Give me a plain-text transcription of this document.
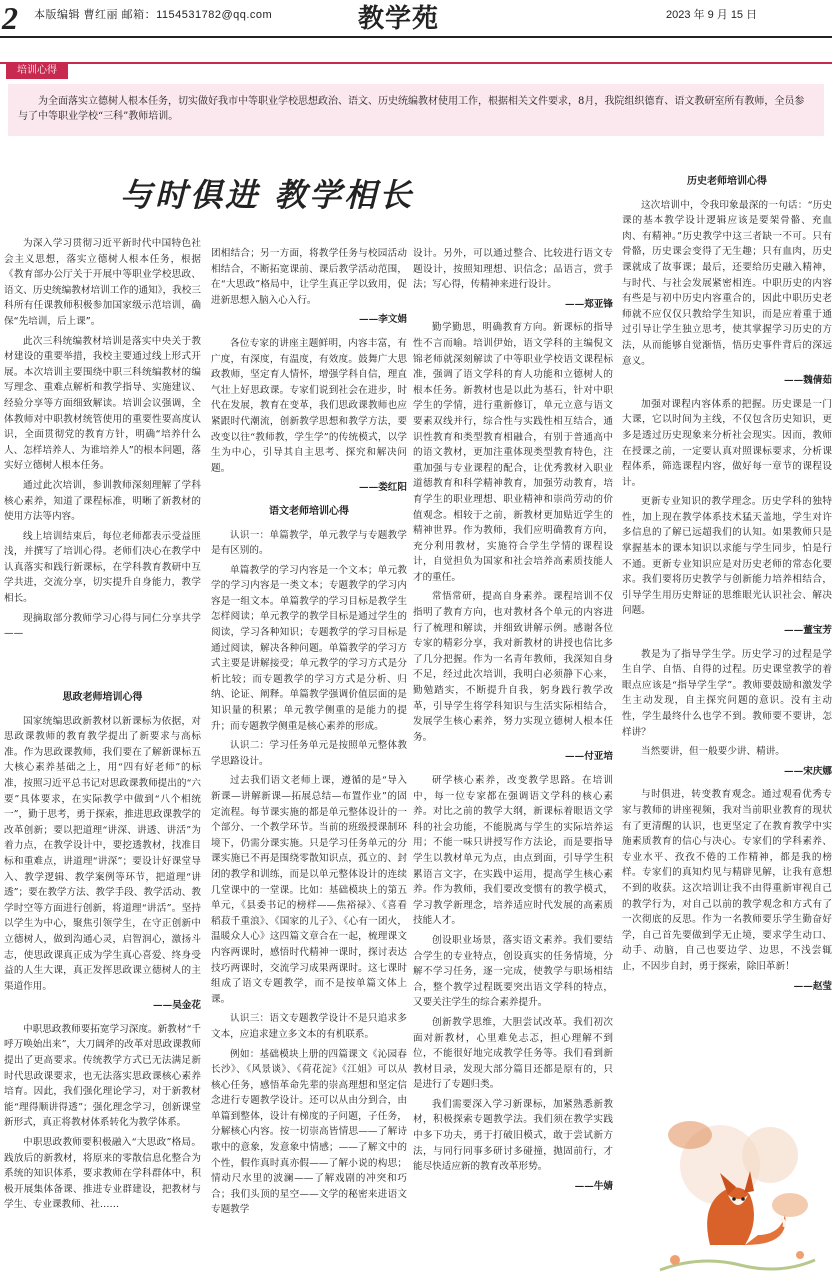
2 本版编辑 曹红丽 邮箱：1154531782@qq.com	教学苑	2023 年 9 月 15 日
培训心得

为全面落实立德树人根本任务，切实做好我市中等职业学校思想政治、语文、历史统编教材使用工作，根据相关文件要求，8月，我院组织德育、语文教研室所有教师，全员参与了中等职业学校“三科”教师培训。

与时俱进 教学相长

为深入学习贯彻习近平新时代中国特色社会主义思想，落实立德树人根本任务，根据《教育部办公厅关于开展中等职业学校思政、语文、历史统编教材培训工作的通知》，我校三科所有任课教师积极参加国家级示范培训，确保“先培训，后上课”。

此次三科统编教材培训是落实中央关于教材建设的重要举措，我校主要通过线上形式开展。本次培训主要围绕中职三科统编教材的编写理念、重难点解析和教学指导、实施建议、经验分享等方面细致解读。培训会议强调，全体教师对中职教材统管使用的重要性要高度认识，全面贯彻党的教育方针，明确“培养什么人、怎样培养人、为谁培养人”的根本问题，落实好立德树人根本任务。

通过此次培训，参训教师深刻理解了学科核心素养，知道了课程标准，明晰了新教材的使用方法等内容。

线上培训结束后，每位老师都表示受益匪浅，并撰写了培训心得。老师们决心在教学中认真落实和践行新课标，在学科教育教研中互学共进，交流分享，切实提升自身能力，教学相长。

现摘取部分教师学习心得与同仁分享共学——

思政老师培训心得

国家统编思政新教材以新课标为依据，对思政课教师的教育教学提出了新要求与高标准。作为思政课教师，我们要在了解新课标五大核心素养基础之上，用“四有好老师”的标准，按照习近平总书记对思政课教师提出的“六要”具体要求，在实际教学中做到“八个相统一”，勤于思考，勇于探索，推进思政课教学的改革创新；要以把道理“讲深、讲透、讲活”为着力点，在教学设计中，要挖透教材，找准目标和重难点，讲道理“讲深”；要设计好课堂导入、教学逻辑、教学案例等环节，把道理“讲透”；要在教学方法、教学手段、教学活动、教学时空等方面进行创新，将道理“讲活”。坚持以学生为中心，聚焦引领学生，在守正创新中立德树人，做到沟通心灵，启智润心，激扬斗志，使思政课真正成为学生真心喜爱、终身受益的人生大课，真正发挥思政课立德树人的主渠道作用。

——吴金花

中职思政教师要拓宽学习深度。新教材“千呼万唤始出来”，大刀阔斧的改革对思政课教师提出了更高要求。传统教学方式已无法满足新时代思政课要求，也无法落实思政课核心素养培育。因此，我们强化理论学习，对于新教材能“理得顺讲得透”；强化理念学习，创新课堂新形式，真正将教材体系转化为教学体系。

中职思政教师要积极融入“大思政”格局。践放后的新教材，将原来的零散信息化整合为系统的知识体系，要求教师在学科群体中，积极开展集体备课、推进专业群建设，把教材与学生、专业课教师、社……

团相结合；另一方面，将教学任务与校园活动相结合，不断拓宽课前、课后教学活动范围，在“大思政”格局中，让学生真正学以致用，促进新思想入脑入心入行。

——李文娟

各位专家的讲座主题鲜明，内容丰富，有广度，有深度，有温度，有效度。鼓舞广大思政教师，坚定育人情怀，增强学科自信，理直气壮上好思政课。专家们说到社会在进步，时代在发展，教育在变革，我们思政课教师也应紧跟时代潮流，创新教学思想和教学方法，要改变以往“教师教，学生学”的传统模式，以学生为中心，引导其自主思考、探究和解决问题。

——娄红阳

语文老师培训心得

认识一：单篇教学，单元教学与专题教学是有区别的。

单篇教学的学习内容是一个文本；单元教学的学习内容是一类文本；专题教学的学习内容是一组文本。单篇教学的学习目标是教学生怎样阅读；单元教学的教学目标是通过学生的阅读，学习各种知识；专题教学的学习目标是通过阅读，解决各种问题。单篇教学的学习方式主要是讲解接受；单元教学的学习方式是分析比较；而专题教学的学习方式是分析、归纳、论证、阐释。单篇教学强调价值层面的是知识量的积累；单元教学侧重的是能力的提升；而专题教学侧重是核心素养的形成。

认识二：学习任务单元是按照单元整体教学思路设计。

过去我们语文老师上课，遵循的是“导入新课—讲解新课—拓展总结—布置作业”的固定流程。每节课实施的都是单元整体设计的一个部分、一个教学环节。当前的班级授课制环境下，仍需分课实施。只是学习任务单元的分课实施已不再是围绕零散知识点，孤立的、封闭的教学和训练，而是以单元整体设计的连续几堂课中的一堂课。比如：基础模块上的第五单元，《县委书记的榜样——焦裕禄》、《喜看稻菽千重浪》、《国家的儿子》、《心有一团火，温暖众人心》这四篇文章合在一起，梳理课文内容两课时，感悟时代精神一课时，探讨表达技巧两课时，交流学习成果两课时。这七课时组成了语文专题教学，而不是按单篇文体上课。

认识三：语文专题教学设计不是只追求多文本，应追求建立多文本的有机联系。

例如：基础模块上册的四篇课文《沁园春长沙》、《风景谈》、《荷花淀》《江姐》可以从核心任务，感悟革命先辈的崇高理想和坚定信念进行专题教学设计。还可以从由分到合，由单篇到整体，设计有梯度的子问题，子任务，分解核心内容。按一切崇高皆情思——了解诗歌中的意象，发意象中情感；——了解文中的个性，假作真时真亦假——了解小说的构思；情动尺水里的波澜——了解戏剧的冲突和巧合；我们头顶的星空——文学的秘密来进语文专题教学

设计。另外，可以通过整合、比较进行语文专题设计，按照知理想、识信念；品语言，赏手法；写心得，传精神来进行设计。

——郑亚锋

勤学勤思，明确教育方向。新课标的指导性不言而喻。培训伊始，语文学科的主编倪文锦老师就深刻解读了中等职业学校语文课程标准，强调了语文学科的育人功能和立德树人的根本任务。新教材也是以此为基石，针对中职学生的学情，进行重新修订，单元立意与语文要素双线并行，综合性与实践性相互结合，通识性教育和类型教育相融合，有别于普通高中的语文教材，更加注重体现类型教育特色，注重加强与专业课程的配合，让优秀教材入职业道德教育和科学精神教育，加强劳动教育，培育学生的职业理想、职业精神和崇尚劳动的价值观念。相较于之前，新教材更加贴近学生的精神世界。作为教师，我们应明确教育方向，充分利用教材，实施符合学生学情的课程设计，自觉担负为国家和社会培养高素质技能人才的重任。

常悟常研，提高自身素养。课程培训不仅指明了教育方向，也对教材各个单元的内容进行了梳理和解读，并细致讲解示例。感谢各位专家的精彩分享，我对新教材的讲授也信比多了几分把握。作为一名青年教师，我深知自身不足，经过此次培训，我明白必须静下心来，勤勉踏实，不断提升自我，躬身践行教学改革，引导学生将学科知识与生活实际相结合，发展学生核心素养，努力实现立德树人根本任务。

——付亚培

研学核心素养，改变教学思路。在培训中，每一位专家都在强调语文学科的核心素养。对比之前的教学大纲，新课标着眼语文学科的社会功能，不能脱离与学生的实际培养运用；不能一味只讲授写作方法论，而是要指导学生以教材单元为点，由点到面，引导学生积累语言文字，在实践中运用，提高学生核心素养。作为教师，我们要改变惯有的教学模式，学习教学新理念，培养适应时代发展的高素质技能人才。

创设职业场景，落实语文素养。我们要结合学生的专业特点，创设真实的任务情境，分解不学习任务，逐一完成，使教学与职场相结合，整个教学过程既要突出语文学科的特点，又要关注学生的综合素养提升。

创新教学思维，大胆尝试改革。我们初次面对新教材，心里难免忐忑，担心理解不到位，不能很好地完成教学任务等。我们看到新教材目录，发现大部分篇目还都是原有的，只是进行了专题归类。

我们需要深入学习新课标，加紧熟悉新教材，积极探索专题教学法。我们须在教学实践中多下功夫，勇于打破旧模式，敢于尝试新方法，与同行同事多研讨多碰撞，抛固前行，才能尽快适应新的教育改革形势。

——牛婧

历史老师培训心得

这次培训中，令我印象最深的一句话：“历史课的基本教学设计逻辑应该是要架骨骼、充血肉、有精神。”历史教学中这三者缺一不可。只有骨骼，历史课会变得了无生趣；只有血肉，历史课就成了故事课；最后，还要给历史融入精神，与时代、与社会发展紧密相连。中职历史的内容有些是与初中历史内容重合的，因此中职历史老师就不应仅仅只教给学生知识，而是应着重于通过引导让学生独立思考，使其掌握学习历史的方法，从而能够自觉渐悟，悟历史事件背后的深远意义。

——魏倩茹

加强对课程内容体系的把握。历史课是一门大课，它以时间为主线，不仅包含历史知识，更多是透过历史现象来分析社会现实。因而，教师在授课之前，一定要认真对照课标要求，分析课程体系，筛选课程内容，做好每一章节的课程设计。

更新专业知识的教学理念。历史学科的独特性，加上现在教学体系技术猛天盖地，学生对许多信息的了解已远超我们的认知。如果教师只是掌握基本的课本知识以求能与学生同步，怕是行不通。更新专业知识应是对历史老师的常态化要求。我们要将历史教学与创新能力培养相结合，引导学生用历史辩证的思维眼光认识社会、解决问题。

——董宝芳

教是为了指导学生学。历史学习的过程是学生自学、自悟、自得的过程。历史课堂教学的着眼点应该是“指导学生学”。教师要鼓励和激发学生主动发现，自主探究问题的意识。没有主动性，学生最终什么也学不到。教师要不要讲，怎样讲？

当然要讲，但一般要少讲、精讲。

——宋庆娜

与时俱进，转变教育观念。通过观看优秀专家与教师的讲座视频，我对当前职业教育的现状有了更清醒的认识，也更坚定了在教育教学中实施素质教育的信心与决心。专家们的学科素养、专业水平、孜孜不倦的工作精神，都是我的榜样。专家们的真知灼见与精辟见解，让我有意想不到的收获。这次培训让我不由得重新审视自己的教学行为，对自己以前的教学观念和方式有了一次彻底的反思。作为一名教师要乐学生勤奋好学，自己首先要做到学无止境，要求学生动口、动手、动脑，自己也要边学、边思，不浅尝辄止，不因步自封，勇于探索，除旧革新！

——赵莹
